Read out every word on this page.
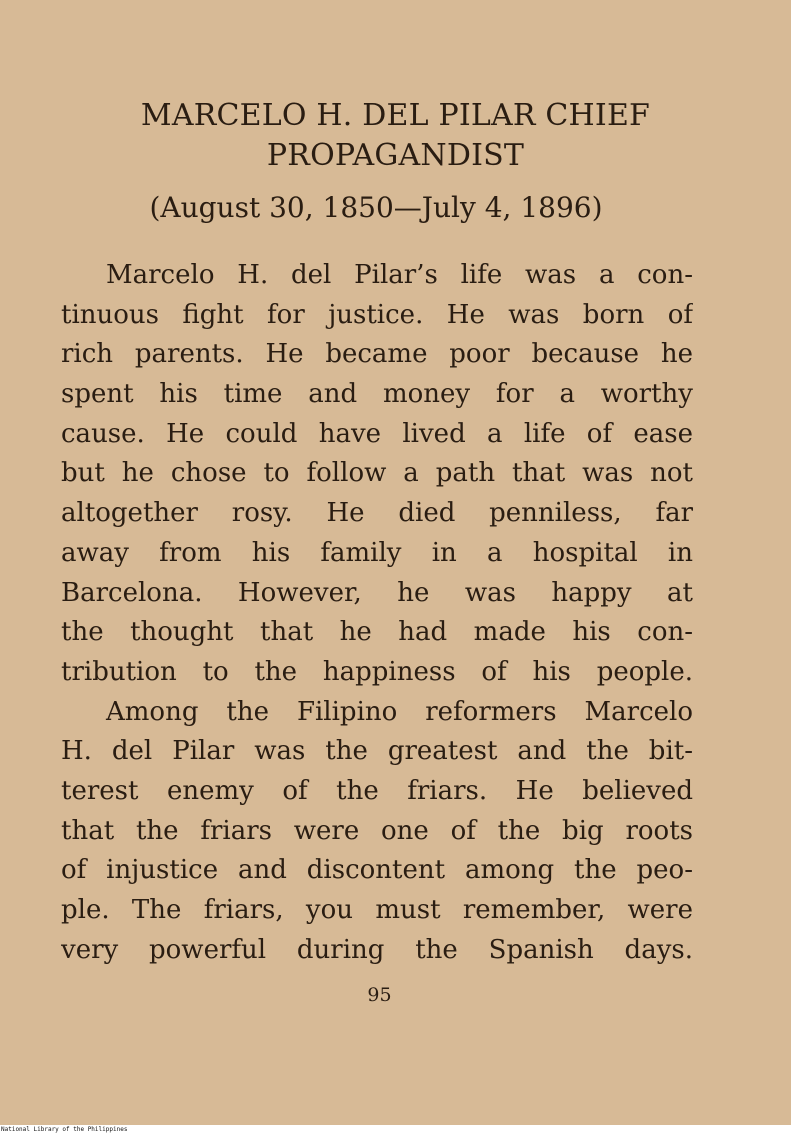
MARCELO H. DEL PILAR CHIEF
PROPAGANDIST
(August 30, 1850—July 4, 1896)
Marcelo H. del Pilar’s life was a con-
tinuous fight for justice. He was born of
rich parents. He became poor because he
spent his time and money for a worthy
cause. He could have lived a life of ease
but he chose to follow a path that was not
altogether rosy. He died penniless, far
away from his family in a hospital in
Barcelona. However, he was happy at
the thought that he had made his con-
tribution to the happiness of his people.
Among the Filipino reformers Marcelo
H. del Pilar was the greatest and the bit-
terest enemy of the friars. He believed
that the friars were one of the big roots
of injustice and discontent among the peo-
ple. The friars, you must remember, were
very powerful during the Spanish days.
95
National Library of the Philippines
